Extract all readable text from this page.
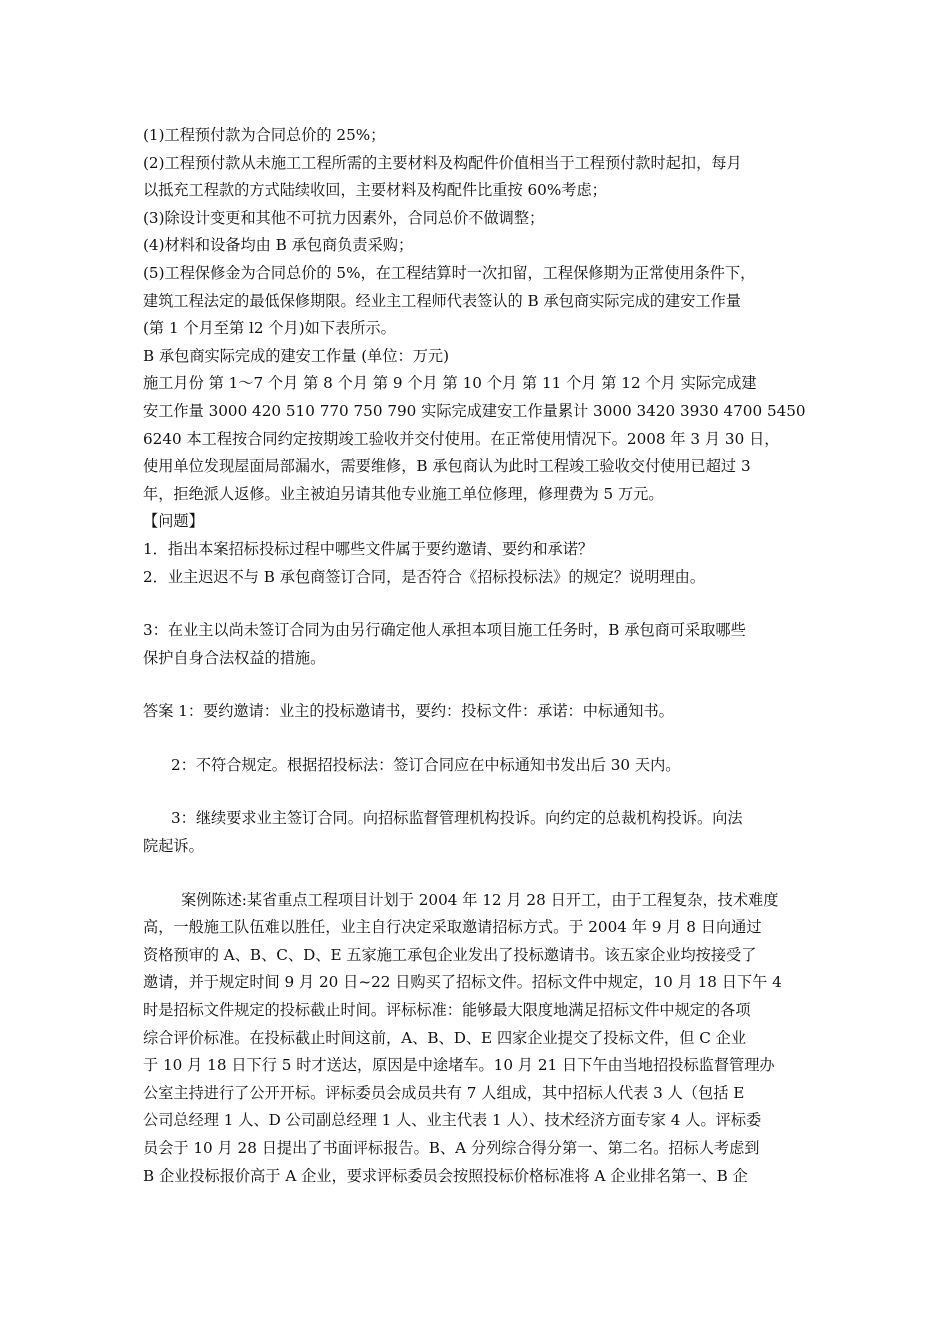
(1)工程预付款为合同总价的 25%；
(2)工程预付款从未施工工程所需的主要材料及构配件价值相当于工程预付款时起扣，每月
以抵充工程款的方式陆续收回，主要材料及构配件比重按 60%考虑；
(3)除设计变更和其他不可抗力因素外，合同总价不做调整；
(4)材料和设备均由 B 承包商负责采购；
(5)工程保修金为合同总价的 5%，在工程结算时一次扣留，工程保修期为正常使用条件下，
建筑工程法定的最低保修期限。经业主工程师代表签认的 B 承包商实际完成的建安工作量
(第 1 个月至第 l2 个月)如下表所示。
B 承包商实际完成的建安工作量 (单位：万元)
施工月份 第 1～7 个月 第 8 个月 第 9 个月 第 10 个月 第 11 个月 第 12 个月 实际完成建
安工作量 3000 420 510 770 750 790 实际完成建安工作量累计 3000 3420 3930 4700 5450
6240 本工程按合同约定按期竣工验收并交付使用。在正常使用情况下。2008 年 3 月 30 日，
使用单位发现屋面局部漏水，需要维修，B 承包商认为此时工程竣工验收交付使用已超过 3
年，拒绝派人返修。业主被迫另请其他专业施工单位修理，修理费为 5 万元。
【问题】
1．指出本案招标投标过程中哪些文件属于要约邀请、要约和承诺？
2．业主迟迟不与 B 承包商签订合同，是否符合《招标投标法》的规定？说明理由。
3：在业主以尚未签订合同为由另行确定他人承担本项目施工任务时，B 承包商可采取哪些
保护自身合法权益的措施。
答案 1：要约邀请：业主的投标邀请书，要约：投标文件：承诺：中标通知书。
2：不符合规定。根据招投标法：签订合同应在中标通知书发出后 30 天内。
3：继续要求业主签订合同。向招标监督管理机构投诉。向约定的总裁机构投诉。向法
院起诉。
案例陈述:某省重点工程项目计划于 2004 年 12 月 28 日开工，由于工程复杂，技术难度
高，一般施工队伍难以胜任，业主自行决定采取邀请招标方式。于 2004 年 9 月 8 日向通过
资格预审的 A、B、C、D、E 五家施工承包企业发出了投标邀请书。该五家企业均按接受了
邀请，并于规定时间 9 月 20 日~22 日购买了招标文件。招标文件中规定，10 月 18 日下午 4
时是招标文件规定的投标截止时间。评标标准：能够最大限度地满足招标文件中规定的各项
综合评价标准。在投标截止时间这前，A、B、D、E 四家企业提交了投标文件，但 C 企业
于 10 月 18 日下行 5 时才送达，原因是中途堵车。10 月 21 日下午由当地招投标监督管理办
公室主持进行了公开开标。评标委员会成员共有 7 人组成，其中招标人代表 3 人（包括 E
公司总经理 1 人、D 公司副总经理 1 人、业主代表 1 人）、技术经济方面专家 4 人。评标委
员会于 10 月 28 日提出了书面评标报告。B、A 分列综合得分第一、第二名。招标人考虑到
B 企业投标报价高于 A 企业，要求评标委员会按照投标价格标准将 A 企业排名第一、B 企
